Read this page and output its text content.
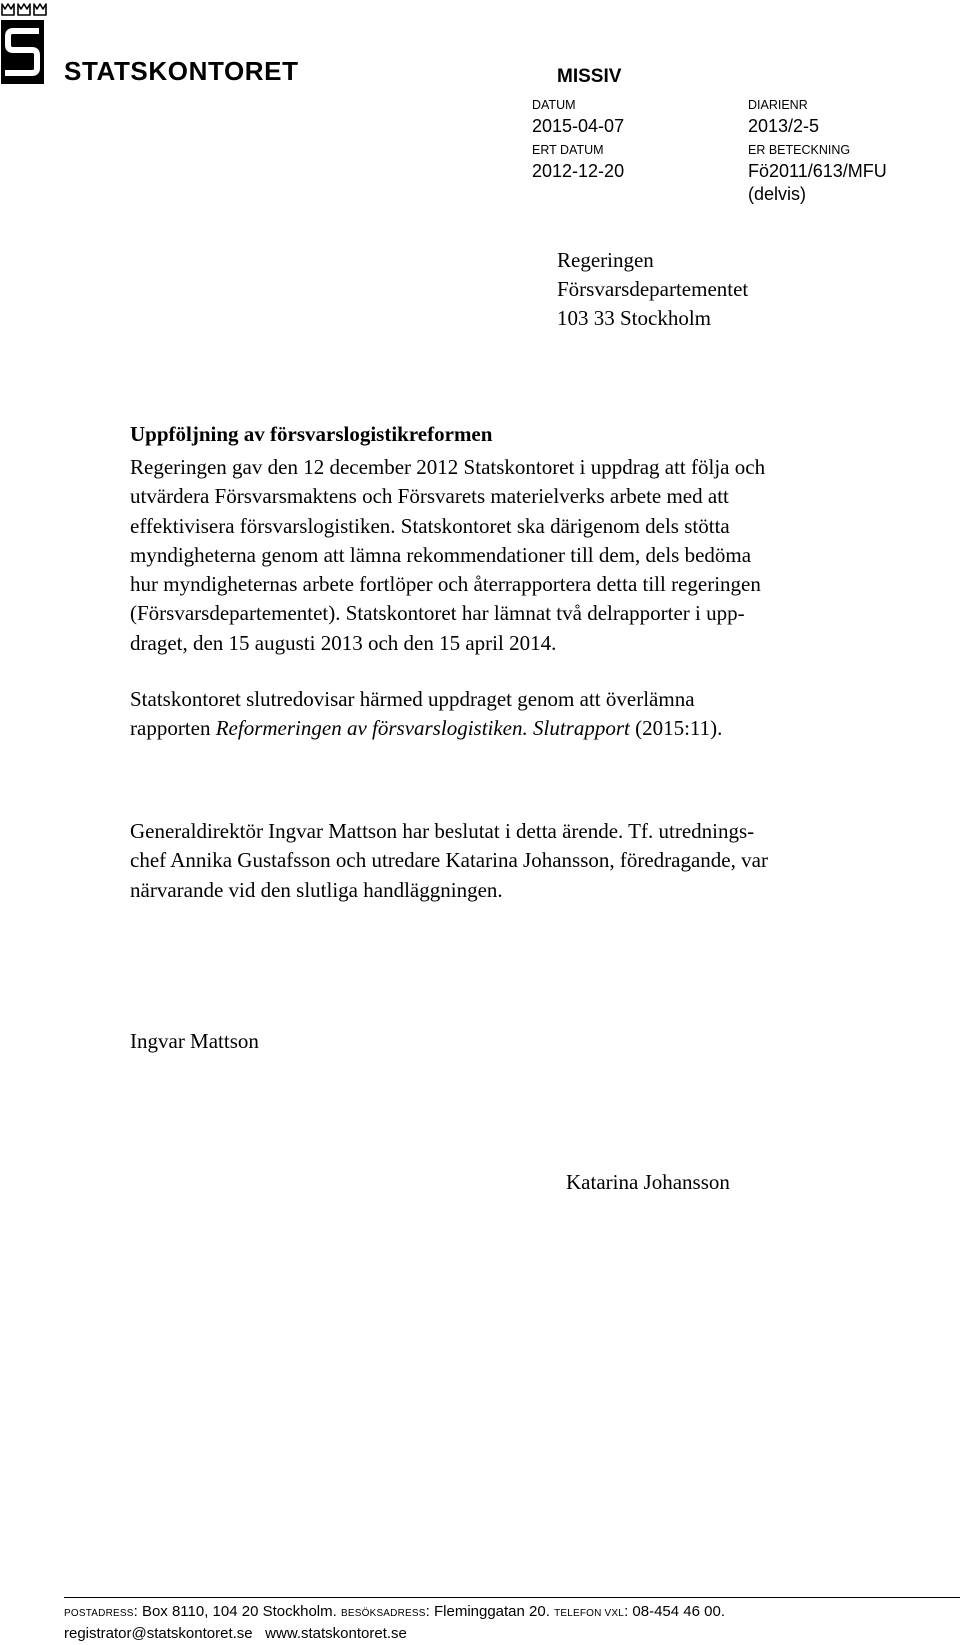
STATSKONTORET	MISSIV
DATUM
2015-04-07
DIARIENR
2013/2-5
ERT DATUM
2012-12-20
ER BETECKNING
Fö2011/613/MFU
(delvis)
Regeringen
Försvarsdepartementet
103 33 Stockholm
Uppföljning av försvarslogistikreformen
Regeringen gav den 12 december 2012 Statskontoret i uppdrag att följa och
utvärdera Försvarsmaktens och Försvarets materielverks arbete med att
effektivisera försvarslogistiken. Statskontoret ska därigenom dels stötta
myndigheterna genom att lämna rekommendationer till dem, dels bedöma
hur myndigheternas arbete fortlöper och återrapportera detta till regeringen
(Försvarsdepartementet). Statskontoret har lämnat två delrapporter i upp-
draget, den 15 augusti 2013 och den 15 april 2014.
Statskontoret slutredovisar härmed uppdraget genom att överlämna
rapporten Reformeringen av försvarslogistiken. Slutrapport (2015:11).
Generaldirektör Ingvar Mattson har beslutat i detta ärende. Tf. utrednings-
chef Annika Gustafsson och utredare Katarina Johansson, föredragande, var
närvarande vid den slutliga handläggningen.
Ingvar Mattson
Katarina Johansson
POSTADRESS: Box 8110, 104 20 Stockholm. BESÖKSADRESS: Fleminggatan 20. TELEFON VXL: 08-454 46 00.
registrator@statskontoret.se www.statskontoret.se
